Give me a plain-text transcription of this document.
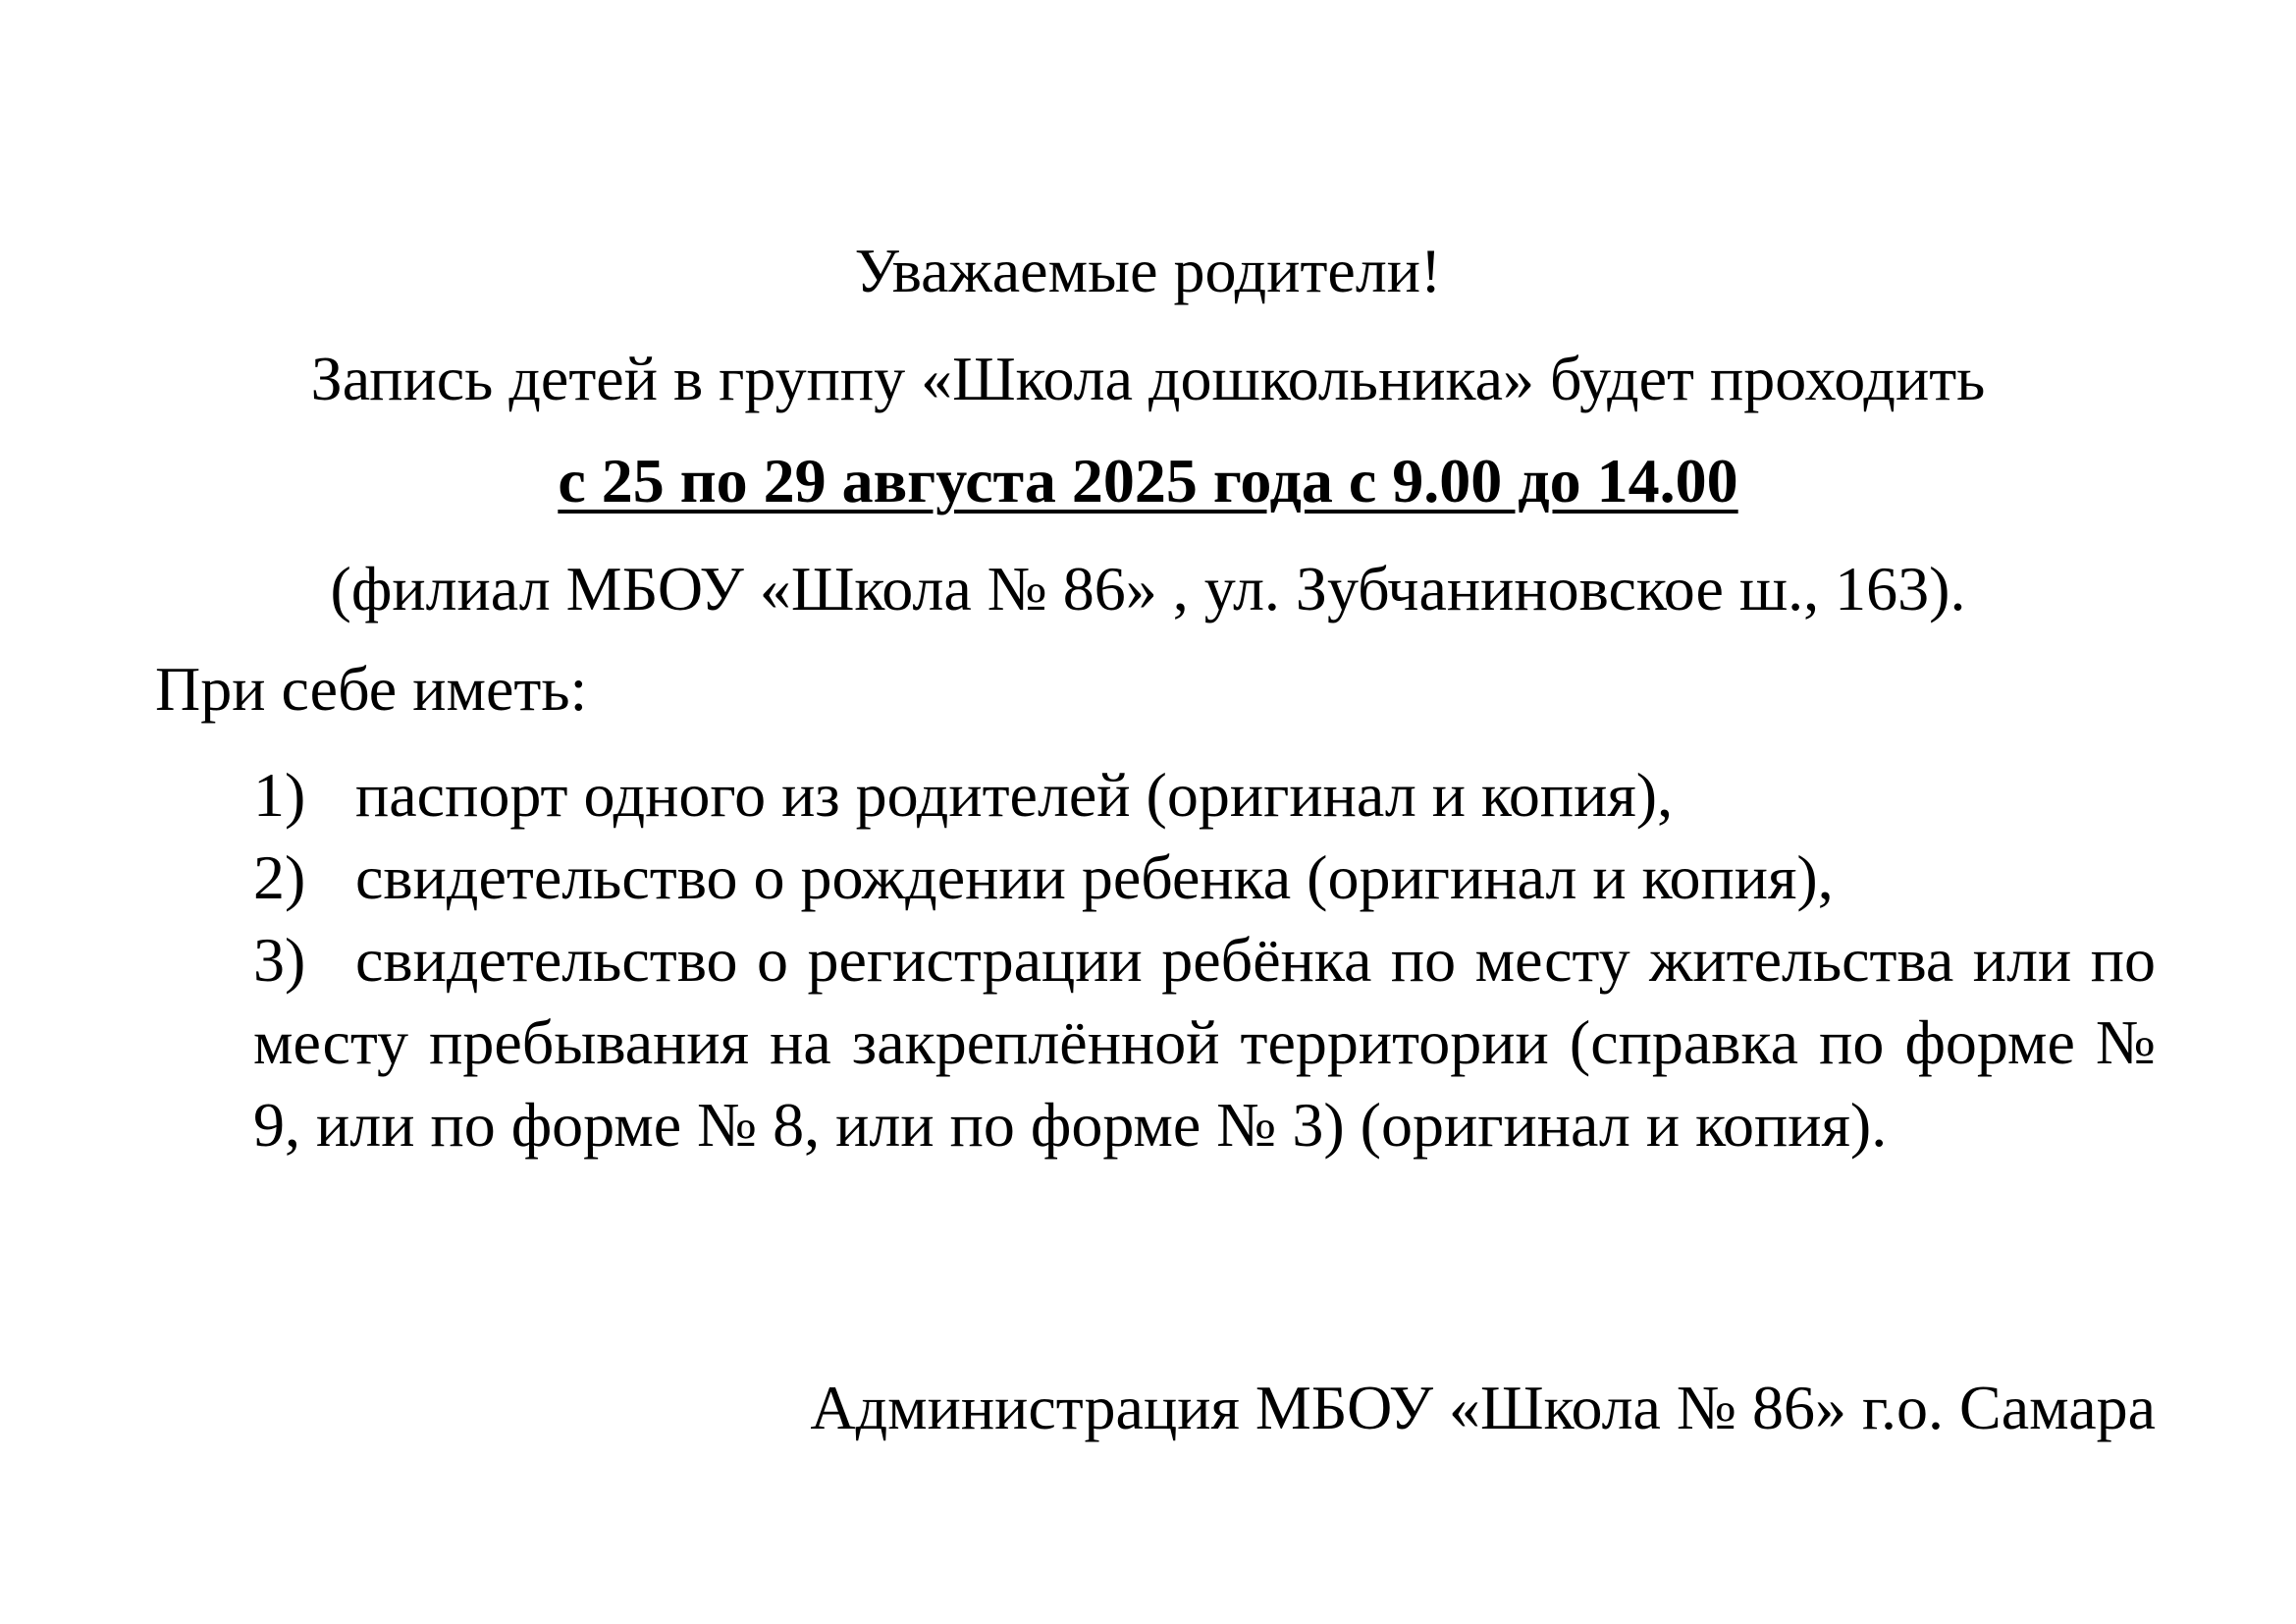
Уважаемые родители!
Запись детей в группу «Школа дошкольника» будет проходить
с 25 по 29 августа 2025 года с 9.00 до 14.00
(филиал МБОУ «Школа № 86» , ул. Зубчаниновское ш., 163).
При себе иметь:
1) паспорт одного из родителей (оригинал и копия),
2) свидетельство о рождении ребенка (оригинал и копия),
3) свидетельство о регистрации ребёнка по месту жительства или по месту пребывания на закреплённой территории (справка по форме № 9, или по форме № 8, или по форме № 3) (оригинал и копия).
Администрация МБОУ «Школа № 86» г.о. Самара
